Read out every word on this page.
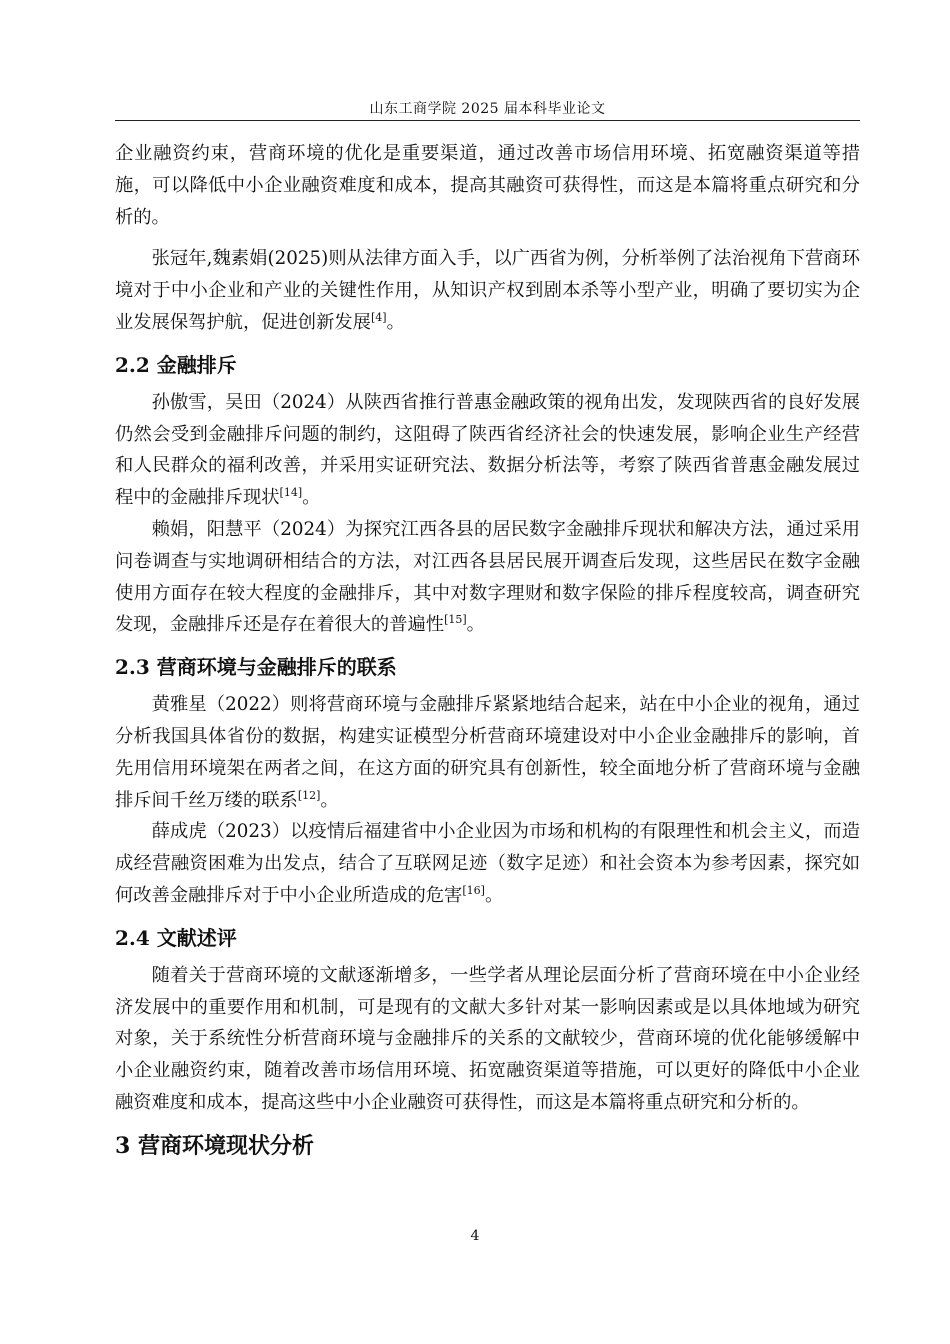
山东工商学院 2025 届本科毕业论文

企业融资约束，营商环境的优化是重要渠道，通过改善市场信用环境、拓宽融资渠道等措施，可以降低中小企业融资难度和成本，提高其融资可获得性，而这是本篇将重点研究和分析的。

张冠年,魏素娟(2025)则从法律方面入手，以广西省为例，分析举例了法治视角下营商环境对于中小企业和产业的关键性作用，从知识产权到剧本杀等小型产业，明确了要切实为企业发展保驾护航，促进创新发展[4]。

2.2 金融排斥

孙傲雪，吴田（2024）从陕西省推行普惠金融政策的视角出发，发现陕西省的良好发展仍然会受到金融排斥问题的制约，这阻碍了陕西省经济社会的快速发展，影响企业生产经营和人民群众的福利改善，并采用实证研究法、数据分析法等，考察了陕西省普惠金融发展过程中的金融排斥现状[14]。

赖娟，阳慧平（2024）为探究江西各县的居民数字金融排斥现状和解决方法，通过采用问卷调查与实地调研相结合的方法，对江西各县居民展开调查后发现，这些居民在数字金融使用方面存在较大程度的金融排斥，其中对数字理财和数字保险的排斥程度较高，调查研究发现，金融排斥还是存在着很大的普遍性[15]。

2.3 营商环境与金融排斥的联系

黄雅星（2022）则将营商环境与金融排斥紧紧地结合起来，站在中小企业的视角，通过分析我国具体省份的数据，构建实证模型分析营商环境建设对中小企业金融排斥的影响，首先用信用环境架在两者之间，在这方面的研究具有创新性，较全面地分析了营商环境与金融排斥间千丝万缕的联系[12]。

薛成虎（2023）以疫情后福建省中小企业因为市场和机构的有限理性和机会主义，而造成经营融资困难为出发点，结合了互联网足迹（数字足迹）和社会资本为参考因素，探究如何改善金融排斥对于中小企业所造成的危害[16]。

2.4 文献述评

随着关于营商环境的文献逐渐增多，一些学者从理论层面分析了营商环境在中小企业经济发展中的重要作用和机制，可是现有的文献大多针对某一影响因素或是以具体地域为研究对象，关于系统性分析营商环境与金融排斥的关系的文献较少，营商环境的优化能够缓解中小企业融资约束，随着改善市场信用环境、拓宽融资渠道等措施，可以更好的降低中小企业融资难度和成本，提高这些中小企业融资可获得性，而这是本篇将重点研究和分析的。

3 营商环境现状分析
4
